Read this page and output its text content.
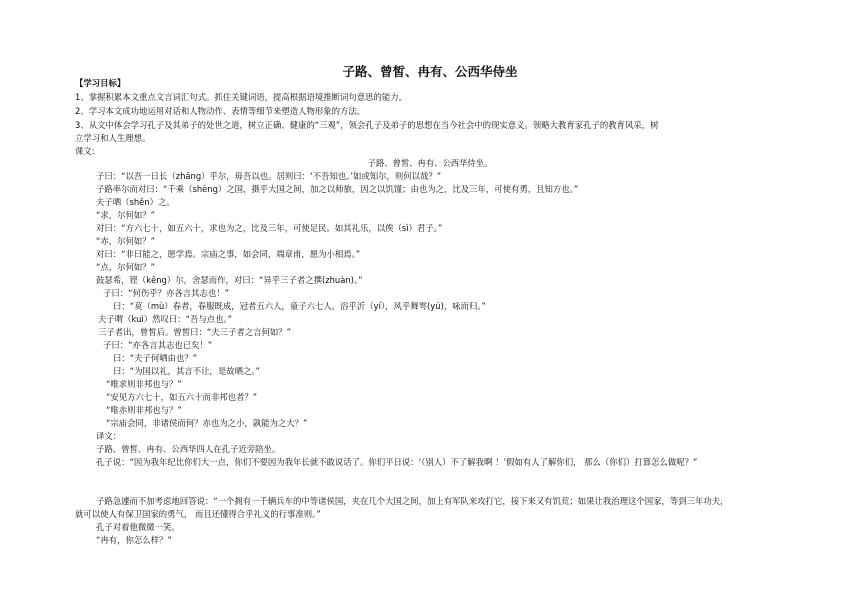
子路、曾皙、冉有、公西华侍坐
【学习目标】
1、掌握积累本文重点文言词汇句式。抓住关键词语，提高根据语境推断词句意思的能力。
2、学习本文成功地运用对话和人物动作、表情等细节来塑造人物形象的方法。
3、从文中体会学习孔子及其弟子的处世之道，树立正确、健康的“三观”，领会孔子及弟子的思想在当今社会中的现实意义。领略大教育家孔子的教育风采，树
立学习和人生理想。
课文:
子路、曾皙、冉有、公西华侍坐。
子曰：“以吾一日长（zhǎng）乎尔，毋吾以也。居则曰：‘不吾知也。’如或知尔，则何以哉？”
子路率尔而对曰：“千乘（shèng）之国，摄乎大国之间，加之以师旅，因之以饥馑；由也为之，比及三年，可使有勇，且知方也。”
夫子哂（shěn）之。
“求，尔何如？”
对曰：“方六七十，如五六十，求也为之，比及三年，可使足民。如其礼乐，以俟（sì）君子。”
“赤，尔何如？”
对曰：“非曰能之，愿学焉。宗庙之事，如会同，端章甫，愿为小相焉。”
“点，尔何如？”
鼓瑟希，铿（kēng）尔，舍瑟而作，对曰：“异乎三子者之撰(zhuàn)。”
子曰：“何伤乎？亦各言其志也！”
曰：“莫（mù）春者，春服既成，冠者五六人，童子六七人，浴乎沂（yí），风乎舞雩(yú)，咏而归。”
夫子喟（kuì）然叹曰：“吾与点也。”
三子者出，曾皙后。曾皙曰：“夫三子者之言何如？”
子曰：“亦各言其志也已矣！”
曰：“夫子何哂由也？”
曰：“为国以礼，其言不让，是故哂之。”
“唯求则非邦也与？”
“安见方六七十，如五六十而非邦也者？”
“唯赤则非邦也与？”
“宗庙会同，非诸侯而何？赤也为之小，孰能为之大？”
译文：
子路、曾皙、冉有、公西华四人在孔子近旁陪坐。
孔子说：“因为我年纪比你们大一点，你们不要因为我年长就不敢说话了。你们平日说：‘（别人）不了解我啊 ！’假如有人了解你们， 那么（你们）打算怎么做呢？”
子路急遽而不加考虑地回答说：“一个拥有一千辆兵车的中等诸侯国，夹在几个大国之间，加上有军队来攻打它，接下来又有饥荒；如果让我治理这个国家，等到三年功夫，
就可以使人有保卫国家的勇气， 而且还懂得合乎礼义的行事准则。”
孔子对着他微微一笑。
“冉有，你怎么样？”
